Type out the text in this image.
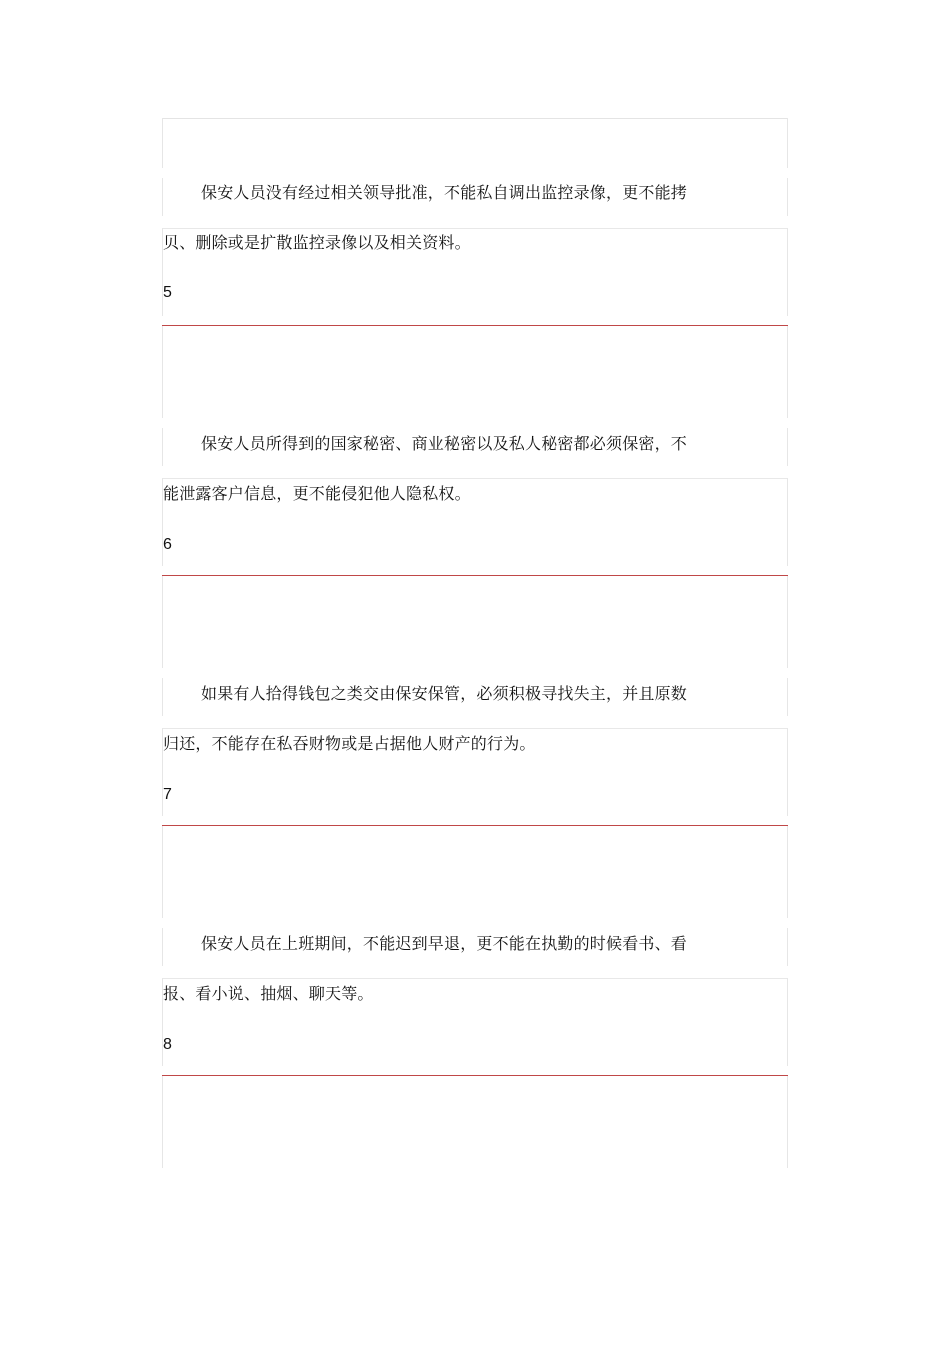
保安人员没有经过相关领导批准，不能私自调出监控录像，更不能拷
贝、删除或是扩散监控录像以及相关资料。
5
保安人员所得到的国家秘密、商业秘密以及私人秘密都必须保密，不
能泄露客户信息，更不能侵犯他人隐私权。
6
如果有人拾得钱包之类交由保安保管，必须积极寻找失主，并且原数
归还，不能存在私吞财物或是占据他人财产的行为。
7
保安人员在上班期间，不能迟到早退，更不能在执勤的时候看书、看
报、看小说、抽烟、聊天等。
8
